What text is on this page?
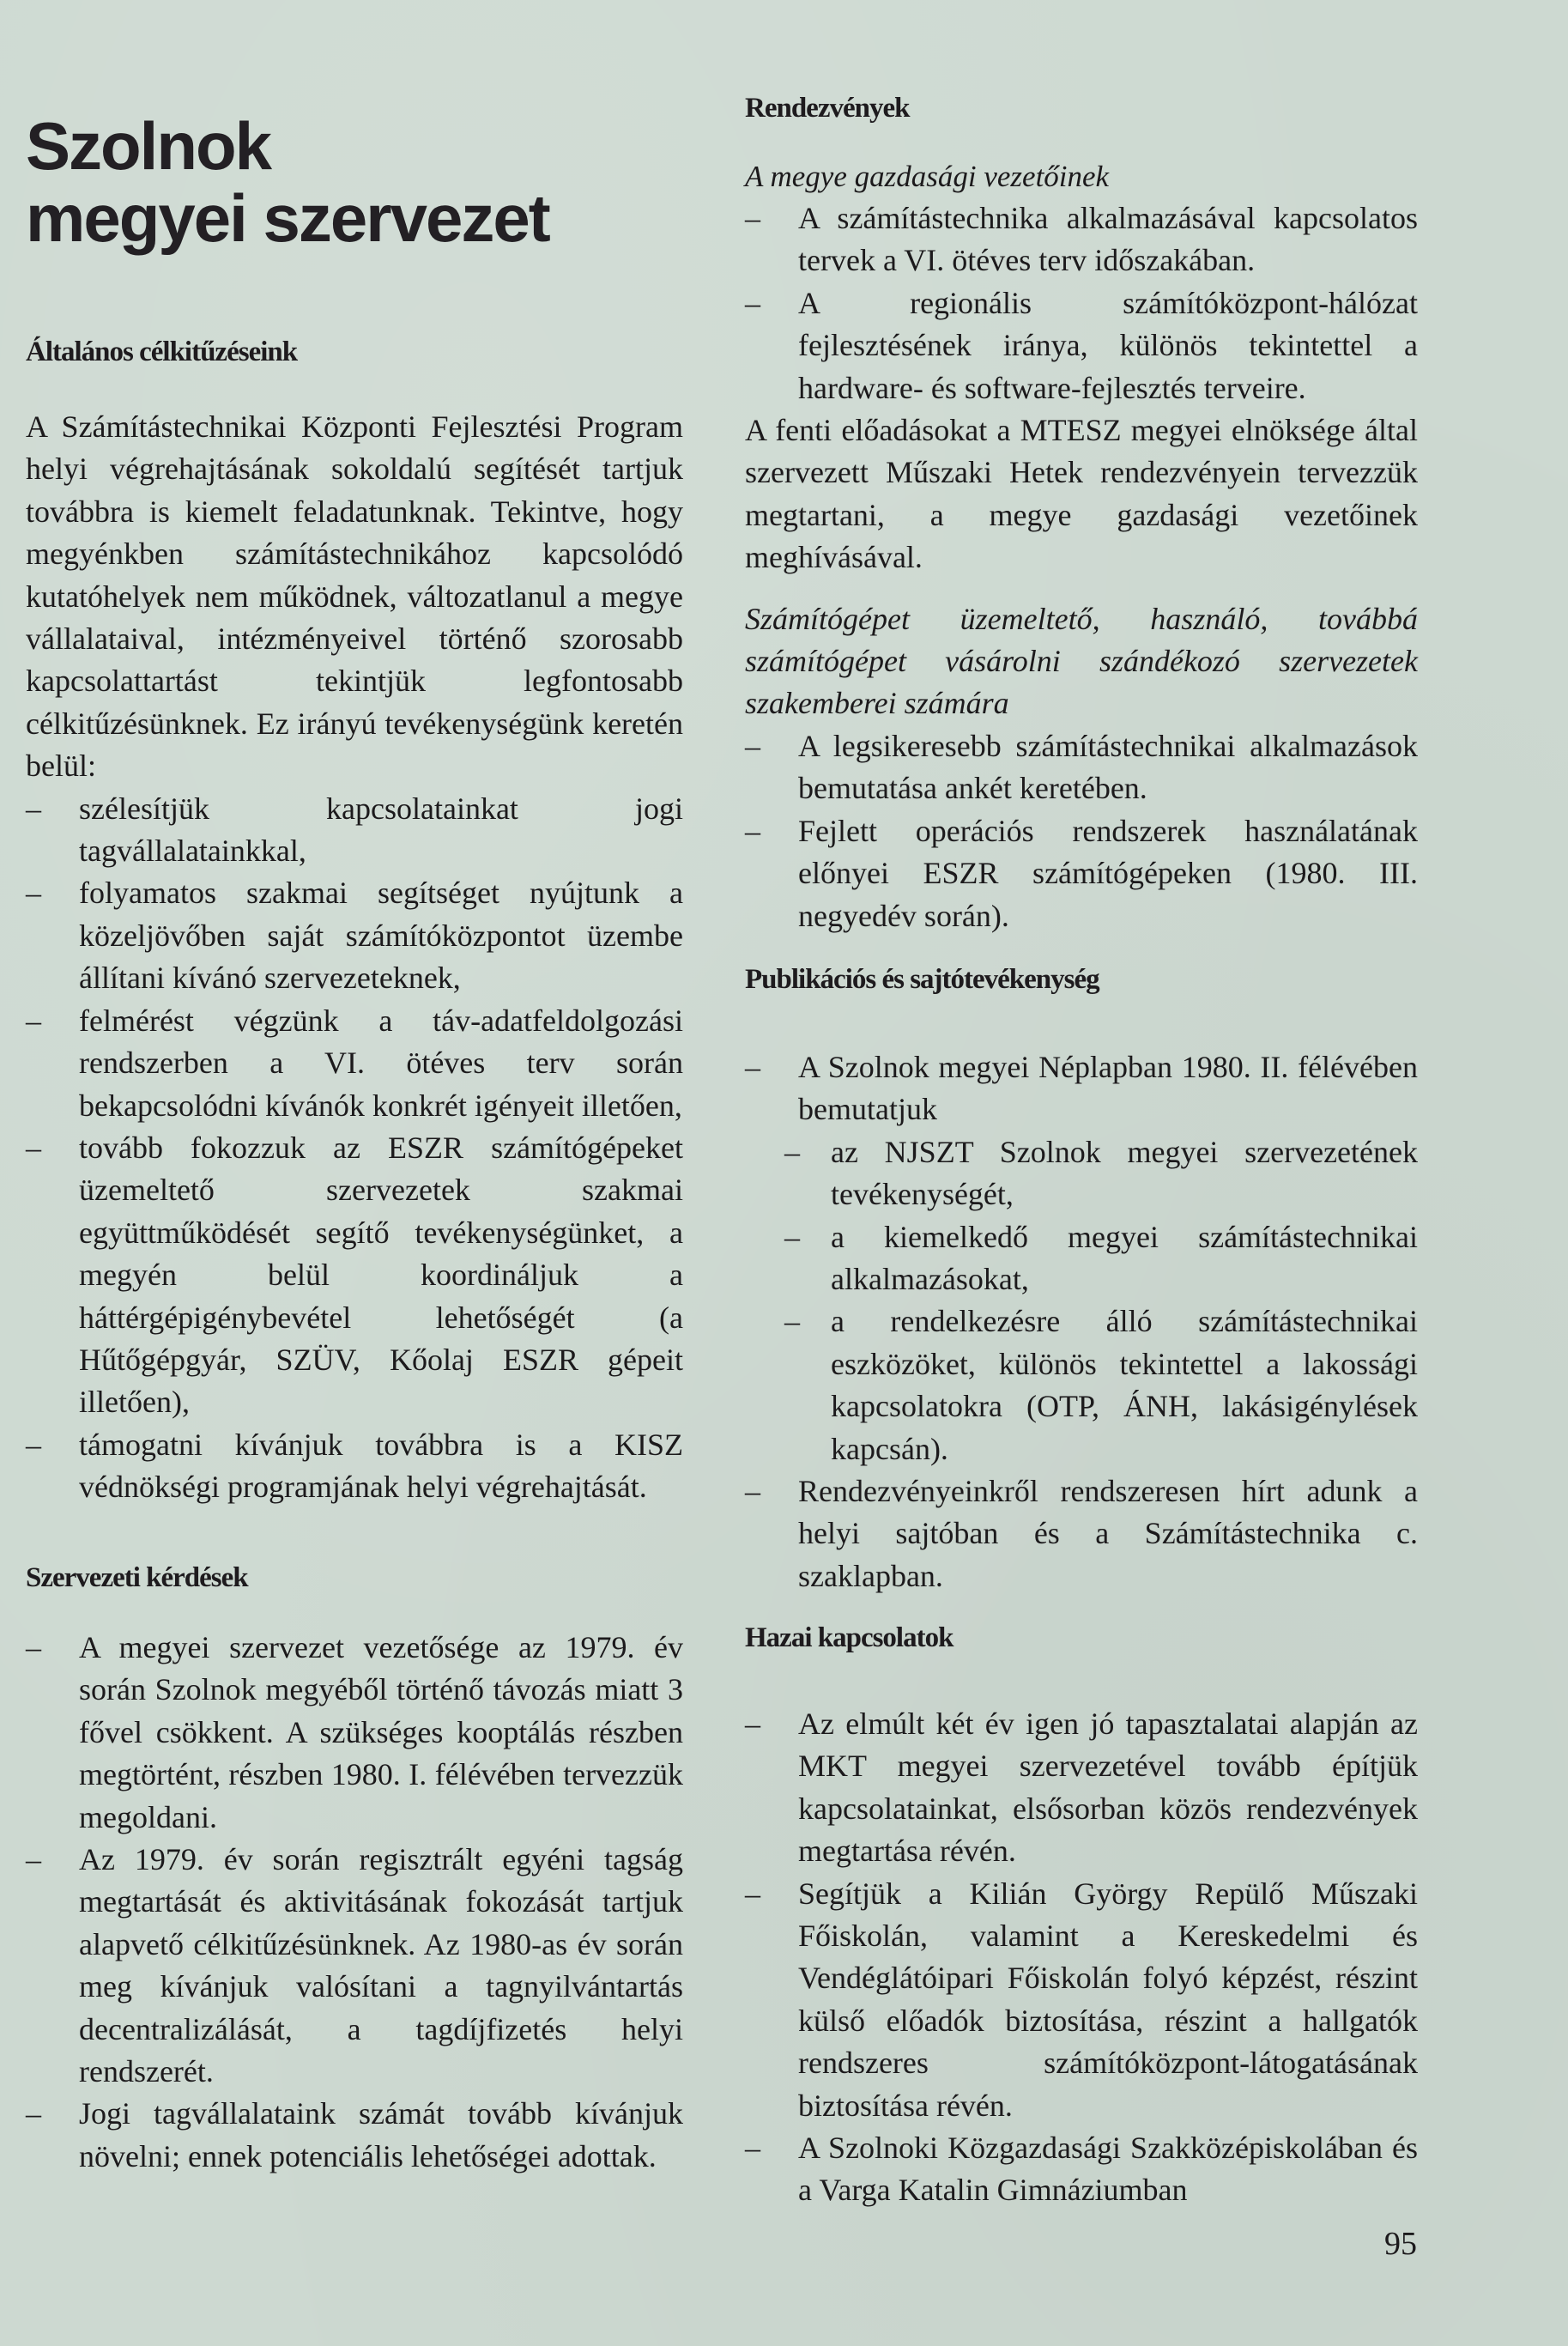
Szolnok
megyei szervezet
Általános célkitűzéseink

A Számítástechnikai Központi Fejlesztési Program helyi végrehajtásának sokoldalú segítését tartjuk továbbra is kiemelt feladatunknak. Tekintve, hogy megyénkben számítástechnikához kapcsolódó kutatóhelyek nem működnek, változatlanul a megye vállalataival, intézményeivel történő szorosabb kapcsolattartást tekintjük legfontosabb célkitűzésünknek. Ez irányú tevékenységünk keretén belül:

–	szélesítjük kapcsolatainkat jogi tagvállalatainkkal,
–	folyamatos szakmai segítséget nyújtunk a közeljövőben saját számítóközpontot üzembe állítani kívánó szervezeteknek,
–	felmérést végzünk a táv-adatfeldolgozási rendszerben a VI. ötéves terv során bekapcsolódni kívánók konkrét igényeit illetően,
–	tovább fokozzuk az ESZR számítógépeket üzemeltető szervezetek szakmai együttműködését segítő tevékenységünket, a megyén belül koordináljuk a háttérgépigénybevétel lehetőségét (a Hűtőgépgyár, SZÜV, Kőolaj ESZR gépeit illetően),
–	támogatni kívánjuk továbbra is a KISZ védnökségi programjának helyi végrehajtását.
Szervezeti kérdések
–	A megyei szervezet vezetősége az 1979. év során Szolnok megyéből történő távozás miatt 3 fővel csökkent. A szükséges kooptálás részben megtörtént, részben 1980. I. félévében tervezzük megoldani.
–	Az 1979. év során regisztrált egyéni tagság megtartását és aktivitásának fokozását tartjuk alapvető célkitűzésünknek. Az 1980-as év során meg kívánjuk valósítani a tagnyilvántartás decentralizálását, a tagdíjfizetés helyi rendszerét.
–	Jogi tagvállalataink számát tovább kívánjuk növelni; ennek potenciális lehetőségei adottak.
Rendezvények

A megye gazdasági vezetőinek

–	A számítástechnika alkalmazásával kapcsolatos tervek a VI. ötéves terv időszakában.
–	A regionális számítóközpont-hálózat fejlesztésének iránya, különös tekintettel a hardware- és software-fejlesztés terveire.

A fenti előadásokat a MTESZ megyei elnöksége által szervezett Műszaki Hetek rendezvényein tervezzük megtartani, a megye gazdasági vezetőinek meghívásával.

Számítógépet üzemeltető, használó, továbbá számítógépet vásárolni szándékozó szervezetek szakemberei számára

–	A legsikeresebb számítástechnikai alkalmazások bemutatása ankét keretében.
–	Fejlett operációs rendszerek használatának előnyei ESZR számítógépeken (1980. III. negyedév során).
Publikációs és sajtótevékenység
–	A Szolnok megyei Néplapban 1980. II. félévében bemutatjuk
–	az NJSZT Szolnok megyei szervezetének tevékenységét,
–	a kiemelkedő megyei számítástechnikai alkalmazásokat,
–	a rendelkezésre álló számítástechnikai eszközöket, különös tekintettel a lakossági kapcsolatokra (OTP, ÁNH, lakásigénylések kapcsán).
–	Rendezvényeinkről rendszeresen hírt adunk a helyi sajtóban és a Számítástechnika c. szaklapban.
Hazai kapcsolatok
–	Az elmúlt két év igen jó tapasztalatai alapján az MKT megyei szervezetével tovább építjük kapcsolatainkat, elsősorban közös rendezvények megtartása révén.
–	Segítjük a Kilián György Repülő Műszaki Főiskolán, valamint a Kereskedelmi és Vendéglátóipari Főiskolán folyó képzést, részint külső előadók biztosítása, részint a hallgatók rendszeres számítóközpont-látogatásának biztosítása révén.
–	A Szolnoki Közgazdasági Szakközépiskolában és a Varga Katalin Gimnáziumban
95
